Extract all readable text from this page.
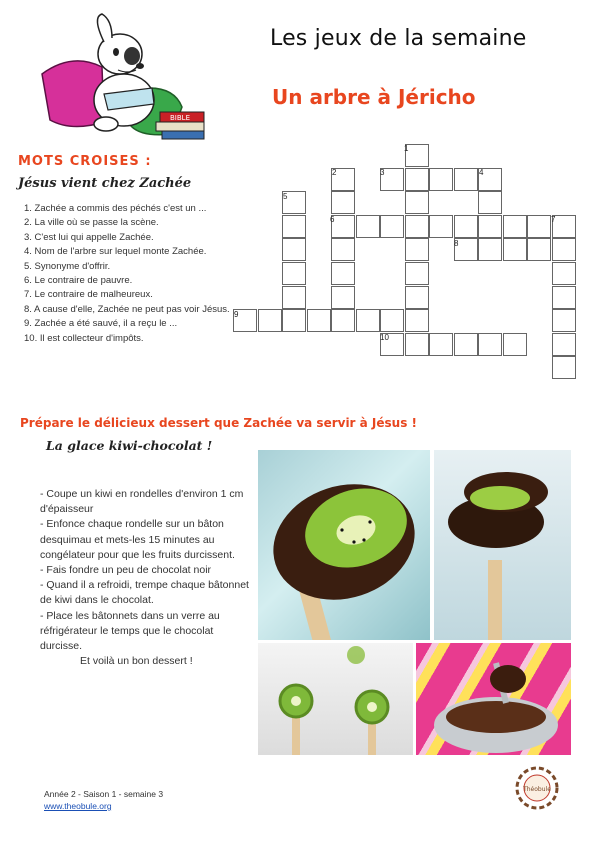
BIBLE
Les jeux de la semaine
Un arbre à Jéricho
MOTS CROISES :
Jésus vient chez Zachée
1. Zachée a commis des péchés c'est un ...
2. La ville où se passe la scène.
3. C'est lui qui appelle Zachée.
4. Nom de l'arbre sur lequel monte Zachée.
5. Synonyme d'offrir.
6. Le contraire de pauvre.
7. Le contraire de malheureux.
8. A cause d'elle, Zachée ne peut pas voir Jésus.
9. Zachée a été sauvé, il a reçu le ...
10. Il est collecteur d'impôts.
1
2	3	4
5
6	7
8
9
10
Prépare le délicieux dessert que Zachée va servir à Jésus !
La glace kiwi-chocolat !

- Coupe un kiwi en rondelles d'environ 1 cm d'épaisseur

- Enfonce chaque rondelle sur un bâton desquimau et mets-les 15 minutes au congélateur pour que les fruits durcissent.

- Fais fondre un peu de chocolat noir

- Quand il a refroidi, trempe chaque bâtonnet de kiwi dans le chocolat.

- Place les bâtonnets dans un verre au réfrigérateur le temps que le chocolat durcisse.

Et voilà un bon dessert !

Année 2 - Saison 1 - semaine 3
www.theobule.org
Théobule
